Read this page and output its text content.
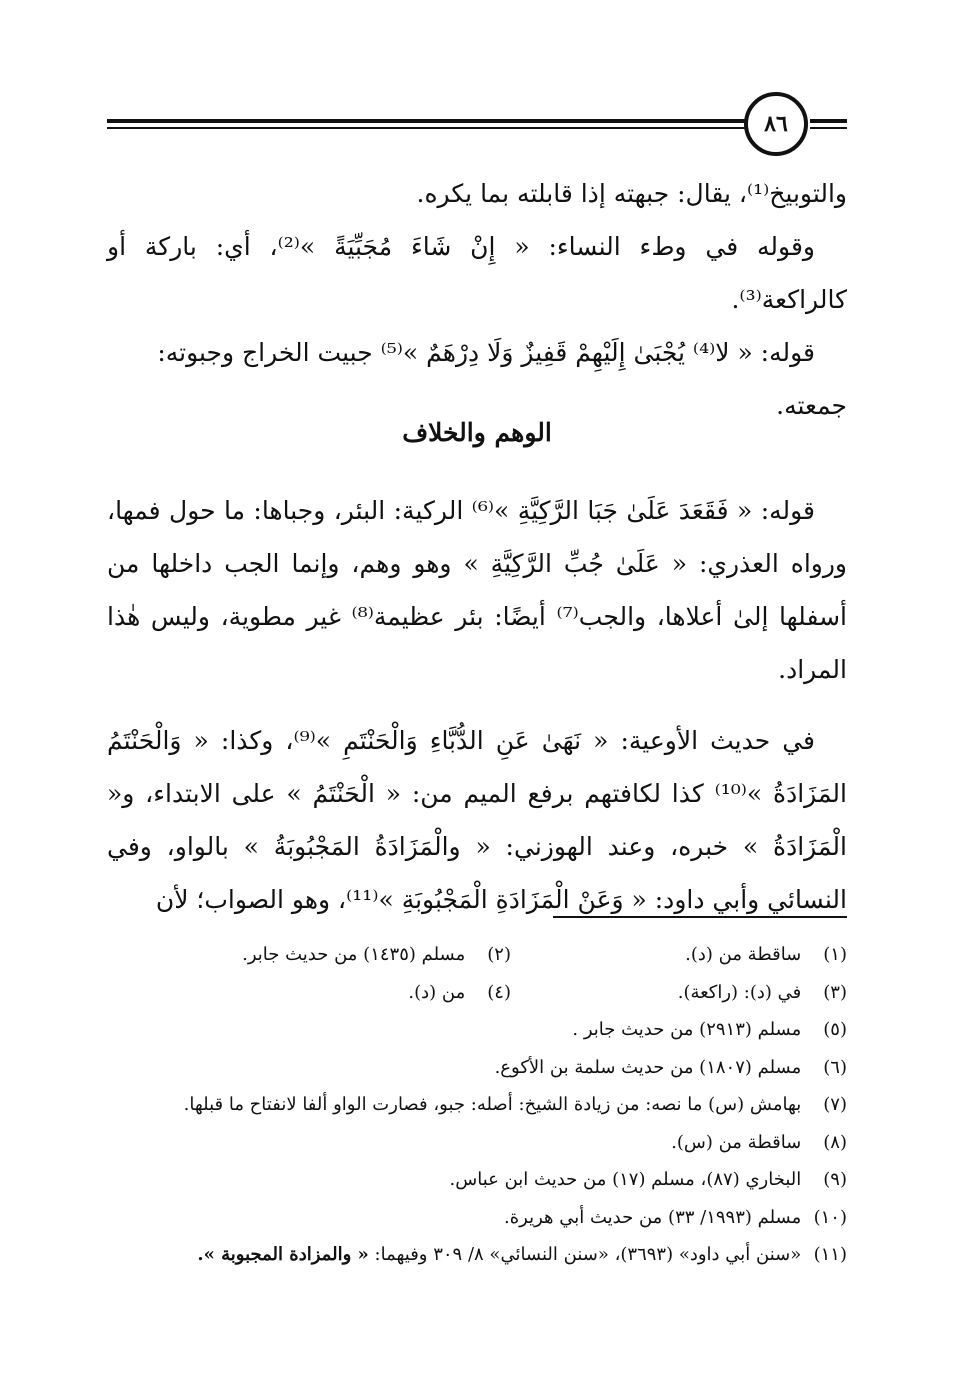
٨٦

والتوبيخ⁽¹⁾، يقال: جبهته إذا قابلته بما يكره.

وقوله في وطء النساء: « إِنْ شَاءَ مُجَبِّيَةً »⁽²⁾، أي: باركة أو كالراكعة⁽³⁾.

قوله: « لا⁽⁴⁾ يُجْبَىٰ إِلَيْهِمْ قَفِيزٌ وَلَا دِرْهَمٌ »⁽⁵⁾ جبيت الخراج وجبوته:

جمعته.

الوهم والخلاف

قوله: « فَقَعَدَ عَلَىٰ جَبَا الرَّكِيَّةِ »⁽⁶⁾ الركية: البئر، وجباها: ما حول فمها، ورواه العذري: « عَلَىٰ جُبِّ الرَّكِيَّةِ » وهو وهم، وإنما الجب داخلها من أسفلها إلىٰ أعلاها، والجب⁽⁷⁾ أيضًا: بئر عظيمة⁽⁸⁾ غير مطوية، وليس هٰذا المراد.

في حديث الأوعية: « نَهَىٰ عَنِ الدُّبَّاءِ وَالْحَنْتَمِ »⁽⁹⁾، وكذا: « وَالْحَنْتَمُ المَزَادَةُ »⁽¹⁰⁾ كذا لكافتهم برفع الميم من: « الْحَنْتَمُ » على الابتداء، و« الْمَزَادَةُ » خبره، وعند الهوزني: « والْمَزَادَةُ المَجْبُوبَةُ » بالواو، وفي النسائي وأبي داود: « وَعَنْ الْمَزَادَةِ الْمَجْبُوبَةِ »⁽¹¹⁾، وهو الصواب؛ لأن

(١) ساقطة من (د).
(٢) مسلم (١٤٣٥) من حديث جابر.
(٣) في (د): (راكعة).
(٤) من (د).
(٥) مسلم (٢٩١٣) من حديث جابر .
(٦) مسلم (١٨٠٧) من حديث سلمة بن الأكوع.
(٧) بهامش (س) ما نصه: من زيادة الشيخ: أصله: جبو، فصارت الواو ألفا لانفتاح ما قبلها.
(٨) ساقطة من (س).
(٩) البخاري (٨٧)، مسلم (١٧) من حديث ابن عباس.
(١٠) مسلم (١٩٩٣/ ٣٣) من حديث أبي هريرة.
(١١) «سنن أبي داود» (٣٦٩٣)، «سنن النسائي» ٨/ ٣٠٩ وفيهما: « والمزادة المجبوبة ».
